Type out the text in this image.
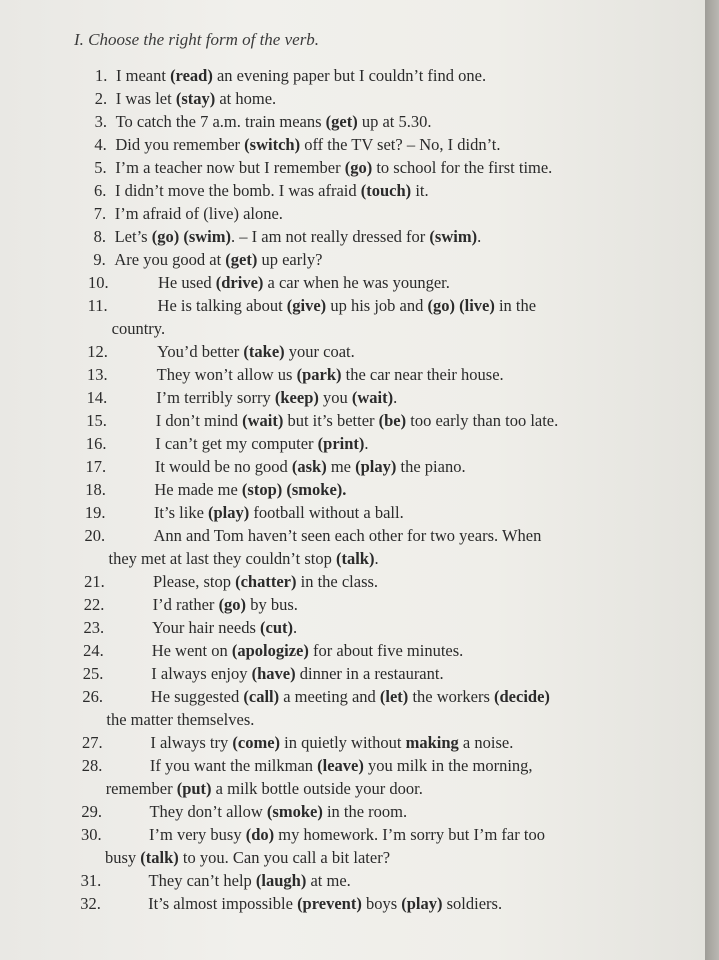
I. Choose the right form of the verb.
1. I meant (read) an evening paper but I couldn’t find one.
2. I was let (stay) at home.
3. To catch the 7 a.m. train means (get) up at 5.30.
4. Did you remember (switch) off the TV set? – No, I didn’t.
5. I’m a teacher now but I remember (go) to school for the first time.
6. I didn’t move the bomb. I was afraid (touch) it.
7. I’m afraid of (live) alone.
8. Let’s (go) (swim). – I am not really dressed for (swim).
9. Are you good at (get) up early?
10.	He used (drive) a car when he was younger.
11.	He is talking about (give) up his job and (go) (live) in the
country.
12.	You’d better (take) your coat.
13.	They won’t allow us (park) the car near their house.
14.	I’m terribly sorry (keep) you (wait).
15.	I don’t mind (wait) but it’s better (be) too early than too late.
16.	I can’t get my computer (print).
17.	It would be no good (ask) me (play) the piano.
18.	He made me (stop) (smoke).
19.	It’s like (play) football without a ball.
20.	Ann and Tom haven’t seen each other for two years. When
they met at last they couldn’t stop (talk).
21.	Please, stop (chatter) in the class.
22.	I’d rather (go) by bus.
23.	Your hair needs (cut).
24.	He went on (apologize) for about five minutes.
25.	I always enjoy (have) dinner in a restaurant.
26.	He suggested (call) a meeting and (let) the workers (decide)
the matter themselves.
27.	I always try (come) in quietly without making a noise.
28.	If you want the milkman (leave) you milk in the morning,
remember (put) a milk bottle outside your door.
29.	They don’t allow (smoke) in the room.
30.	I’m very busy (do) my homework. I’m sorry but I’m far too
busy (talk) to you. Can you call a bit later?
31.	They can’t help (laugh) at me.
32.	It’s almost impossible (prevent) boys (play) soldiers.
